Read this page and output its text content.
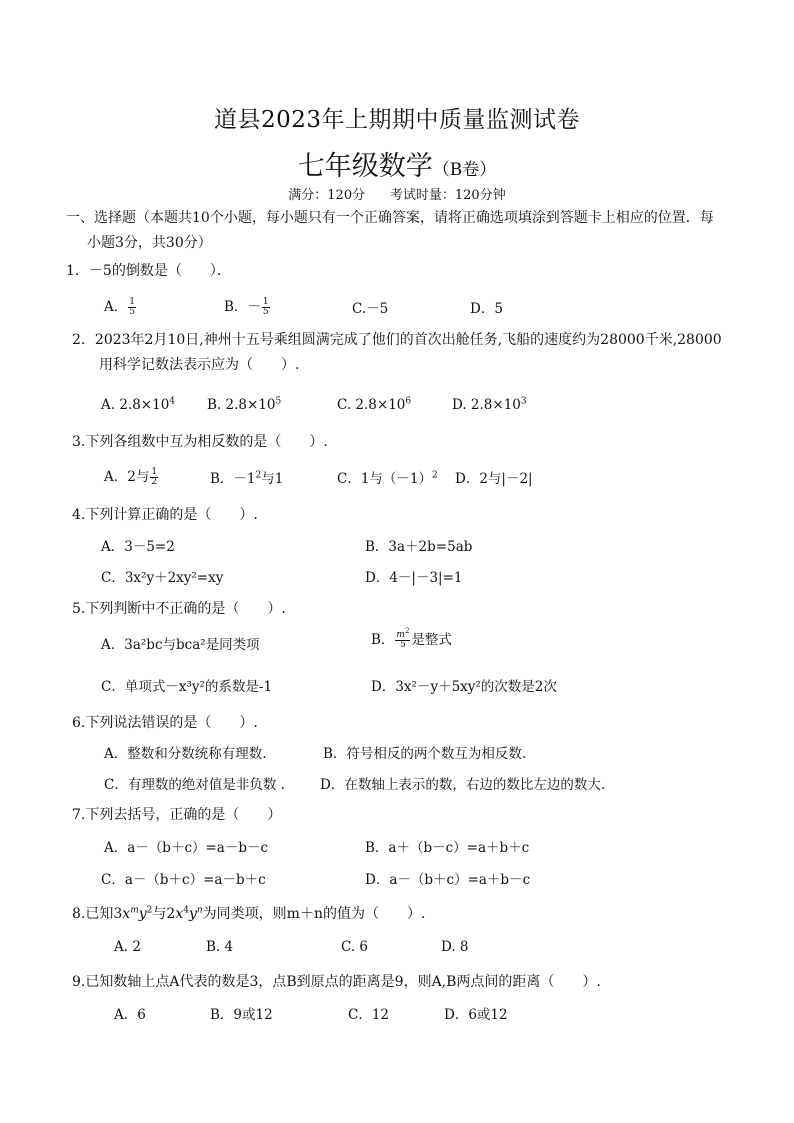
道县2023年上期期中质量监测试卷
七年级数学（B卷）
满分：120分      考试时量：120分钟
一、选择题（本题共10个小题，每小题只有一个正确答案，请将正确选项填涂到答题卡上相应的位置．每
小题3分，共30分）
1．－5的倒数是（　　）．
A． $\frac{1}{5}$	B．－ $\frac{1}{5}$	C.－5	D．5
2．2023年2月10日,神州十五号乘组圆满完成了他们的首次出舱任务,飞船的速度约为28000千米,28000
用科学记数法表示应为（　　）.
A. $2.8\times 10^4$ B. $2.8\times 10^5$	C. $2.8\times 10^6$	D. $2.8\times 10^3$
3.下列各组数中互为相反数的是（　　）.
A．2与 $\frac{1}{2}$	B．$-1^2$与1	C．1与$(-1)^2$ D．2与|－2|
4.下列计算正确的是（　　）.
A．3－5=2	B．3a＋2b=5ab
C．3x²y＋2xy²=xy	D．4－|－3|=1
5.下列判断中不正确的是（　　）.
A．3a²bc与bca²是同类项	B． $\frac{m^2}{5}$ 是整式
C．单项式－x³y²的系数是-1	D．3x²－y＋5xy²的次数是2次
6.下列说法错误的是（　　）.
A．整数和分数统称有理数.	B．符号相反的两个数互为相反数.
C．有理数的绝对值是非负数 .	D．在数轴上表示的数，右边的数比左边的数大.
7.下列去括号，正确的是（　　）
A．a－（b＋c）=a－b－c	B．a＋（b－c）=a＋b＋c
C．a－（b＋c）=a－b＋c	D．a－（b＋c）=a＋b－c
8.已知$3x^my^2$与$2x^4y^n$为同类项，则m＋n的值为（　　）.
A. 2	B. 4	C. 6	D. 8
9.已知数轴上点A代表的数是3，点B到原点的距离是9，则A,B两点间的距离（　　）.
A．6	B．9或12	C．12	D．6或12
